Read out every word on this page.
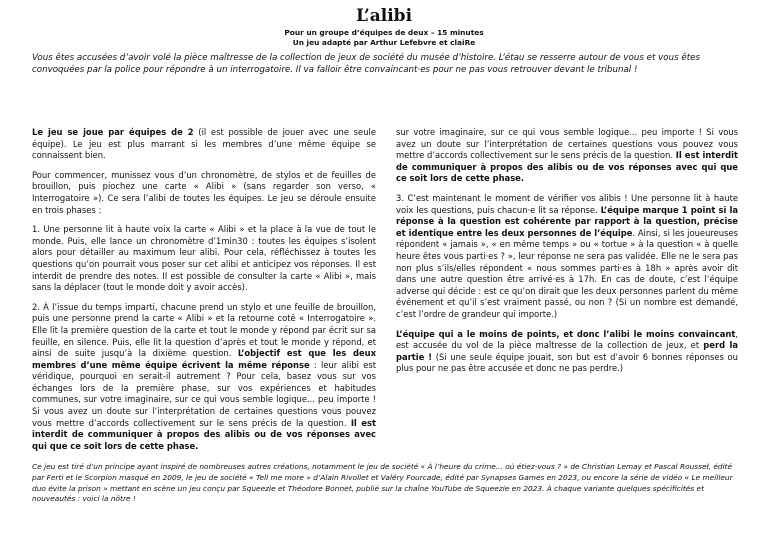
L’alibi
Pour un groupe d’équipes de deux – 15 minutes
Un jeu adapté par Arthur Lefebvre et claiRe

Vous êtes accusées d’avoir volé la pièce maîtresse de la collection de jeux de société du musée d’histoire. L’étau se resserre autour de vous et vous êtes convoquées par la police pour répondre à un interrogatoire. Il va falloir être convaincant·es pour ne pas vous retrouver devant le tribunal !

Le jeu se joue par équipes de 2 (il est possible de jouer avec une seule équipe). Le jeu est plus marrant si les membres d’une même équipe se connaissent bien.

Pour commencer, munissez vous d’un chronomètre, de stylos et de feuilles de brouillon, puis piochez une carte « Alibi » (sans regarder son verso, « Interrogatoire »). Ce sera l’alibi de toutes les équipes. Le jeu se déroule ensuite en trois phases :

1. Une personne lit à haute voix la carte « Alibi » et la place à la vue de tout le monde. Puis, elle lance un chronomètre d’1min30 : toutes les équipes s’isolent alors pour détailler au maximum leur alibi. Pour cela, réfléchissez à toutes les questions qu’on pourrait vous poser sur cet alibi et anticipez vos réponses. Il est interdit de prendre des notes. Il est possible de consulter la carte « Alibi », mais sans la déplacer (tout le monde doit y avoir accès).

2. À l’issue du temps imparti, chacune prend un stylo et une feuille de brouillon, puis une personne prend la carte « Alibi » et la retourne coté « Interrogatoire ». Elle lit la première question de la carte et tout le monde y répond par écrit sur sa feuille, en silence. Puis, elle lit la question d’après et tout le monde y répond, et ainsi de suite jusqu’à la dixième question. L’objectif est que les deux membres d’une même équipe écrivent la même réponse : leur alibi est véridique, pourquoi en serait-il autrement ? Pour cela, basez vous sur vos échanges lors de la première phase, sur vos expériences et habitudes communes, sur votre imaginaire, sur ce qui vous semble logique... peu importe ! Si vous avez un doute sur l’interprétation de certaines questions vous pouvez vous mettre d’accords collectivement sur le sens précis de la question. Il est interdit de communiquer à propos des alibis ou de vos réponses avec qui que ce soit lors de cette phase.

sur votre imaginaire, sur ce qui vous semble logique... peu importe ! Si vous avez un doute sur l’interprétation de certaines questions vous pouvez vous mettre d’accords collectivement sur le sens précis de la question. Il est interdit de communiquer à propos des alibis ou de vos réponses avec qui que ce soit lors de cette phase.

3. C’est maintenant le moment de vérifier vos alibis ! Une personne lit à haute voix les questions, puis chacun·e lit sa réponse. L’équipe marque 1 point si la réponse à la question est cohérente par rapport à la question, précise et identique entre les deux personnes de l’équipe. Ainsi, si les joueureuses répondent « jamais », « en même temps » ou « tortue » à la question « à quelle heure êtes vous parti·es ? », leur réponse ne sera pas validée. Elle ne le sera pas non plus s’ils/elles répondent « nous sommes parti·es à 18h » après avoir dit dans une autre question être arrivé·es à 17h. En cas de doute, c’est l’équipe adverse qui décide : est ce qu’on dirait que les deux personnes parlent du même événement et qu’il s’est vraiment passé, ou non ? (Si un nombre est demandé, c’est l’ordre de grandeur qui importe.)

L’équipe qui a le moins de points, et donc l’alibi le moins convaincant, est accusée du vol de la pièce maîtresse de la collection de jeux, et perd la partie ! (Si une seule équipe jouait, son but est d’avoir 6 bonnes réponses ou plus pour ne pas être accusée et donc ne pas perdre.)

Ce jeu est tiré d’un principe ayant inspiré de nombreuses autres créations, notamment le jeu de société « À l’heure du crime... où étiez-vous ? » de Christian Lemay et Pascal Rousseł, édité par Ferti et le Scorpion masqué en 2009, le jeu de société « Tell me more » d’Alain Rivollet et Valéry Fourcade, édité par Synapses Games en 2023, ou encore la série de vidéo « Le meilleur duo évite la prison » mettant en scène un jeu conçu par Squeezie et Théodore Bonnet, publié sur la chaîne YouTube de Squeezie en 2023. À chaque variante quelques spécificités et nouveautés : voici la nôtre !
